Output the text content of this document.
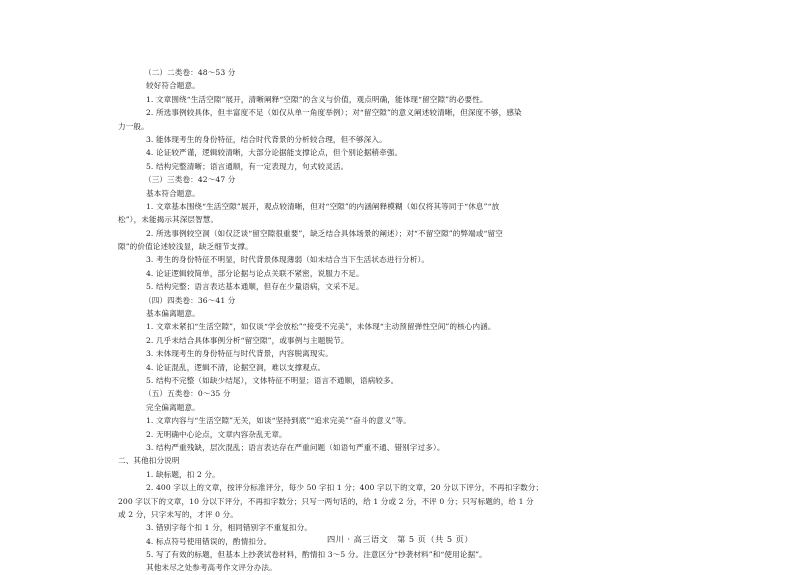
（二）二类卷：48～53 分
较好符合题意。
1. 文章围绕“生活空隙”展开，清晰阐释“空隙”的含义与价值，观点明确，能体现“留空隙”的必要性。
2. 所选事例较具体，但丰富度不足（如仅从单一角度举例）；对“留空隙”的意义阐述较清晰，但深度不够，感染
力一般。
3. 能体现考生的身份特征，结合时代背景的分析较合理，但不够深入。
4. 论证较严谨，逻辑较清晰，大部分论据能支撑论点，但个别论据稍牵强。
5. 结构完整清晰；语言通顺，有一定表现力，句式较灵活。
（三）三类卷：42～47 分
基本符合题意。
1. 文章基本围绕“生活空隙”展开，观点较清晰，但对“空隙”的内涵阐释模糊（如仅将其等同于“休息”“放
松”），未能揭示其深层智慧。
2. 所选事例较空洞（如仅泛谈“留空隙很重要”，缺乏结合具体场景的阐述）；对“不留空隙”的弊端或“留空
隙”的价值论述较浅显，缺乏细节支撑。
3. 考生的身份特征不明显，时代背景体现薄弱（如未结合当下生活状态进行分析）。
4. 论证逻辑较简单，部分论据与论点关联不紧密，说服力不足。
5. 结构完整；语言表达基本通顺，但存在少量语病，文采不足。
（四）四类卷：36～41 分
基本偏离题意。
1. 文章未紧扣“生活空隙”，如仅谈“学会放松”“接受不完美”，未体现“主动预留弹性空间”的核心内涵。
2. 几乎未结合具体事例分析“留空隙”，或事例与主题脱节。
3. 未体现考生的身份特征与时代背景，内容脱离现实。
4. 论证混乱，逻辑不清，论据空洞，难以支撑观点。
5. 结构不完整（如缺少结尾），文体特征不明显；语言不通顺，语病较多。
（五）五类卷：0～35 分
完全偏离题意。
1. 文章内容与“生活空隙”无关，如谈“坚持到底”“追求完美”“奋斗的意义”等。
2. 无明确中心论点，文章内容杂乱无章。
3. 结构严重残缺，层次混乱；语言表达存在严重问题（如语句严重不通、错别字过多）。
二、其他扣分说明
1. 缺标题，扣 2 分。
2. 400 字以上的文章，按评分标准评分，每少 50 字扣 1 分；400 字以下的文章，20 分以下评分，不再扣字数分；
200 字以下的文章，10 分以下评分，不再扣字数分；只写一两句话的，给 1 分或 2 分，不评 0 分；只写标题的，给 1 分
或 2 分，只字未写的，才评 0 分。
3. 错别字每个扣 1 分，相同错别字不重复扣分。
4. 标点符号使用错误的，酌情扣分。
5. 写了有效的标题，但基本上抄袭试卷材料，酌情扣 3～5 分。注意区分“抄袭材料”和“使用论据”。
其他未尽之处参考高考作文评分办法。
四川 · 高三语文　第 5 页（共 5 页）
